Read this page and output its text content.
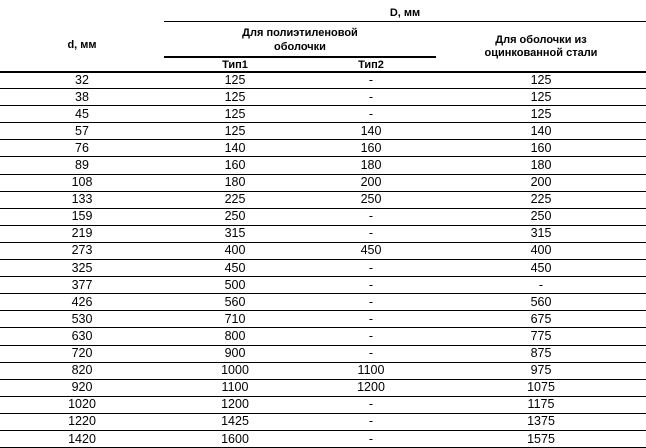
D, мм
d, мм
Для полиэтиленовой
оболочки
Тип1	Тип2
Для оболочки из
оцинкованной стали
32	125	-	125
38	125	-	125
45	125	-	125
57	125	140	140
76	140	160	160
89	160	180	180
108	180	200	200
133	225	250	225
159	250	-	250
219	315	-	315
273	400	450	400
325	450	-	450
377	500	-	-
426	560	-	560
530	710	-	675
630	800	-	775
720	900	-	875
820	1000	1100	975
920	1100	1200	1075
1020	1200	-	1175
1220	1425	-	1375
1420	1600	-	1575
